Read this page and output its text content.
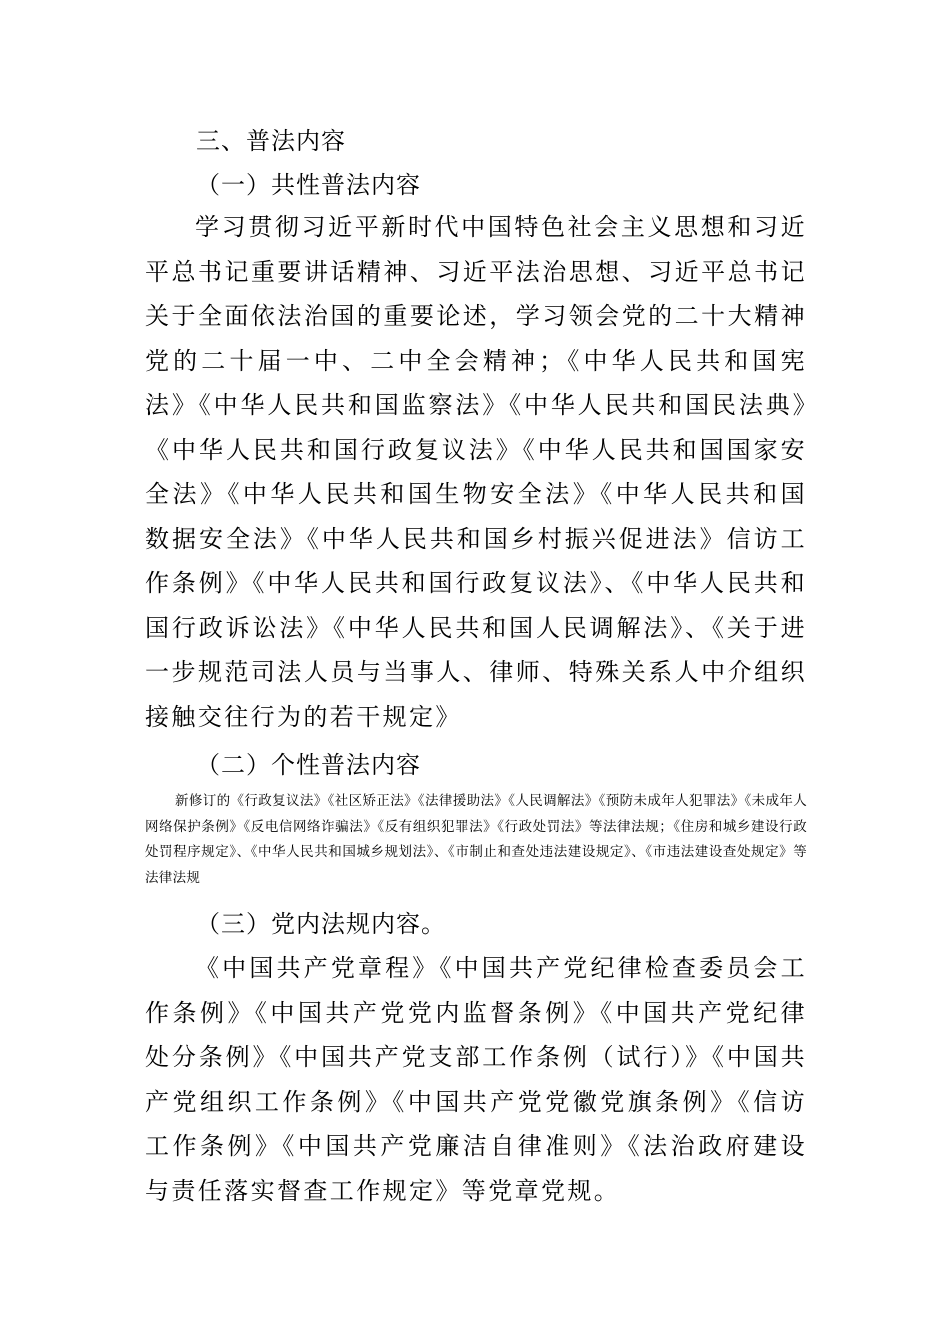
三、普法内容
（一）共性普法内容

学习贯彻习近平新时代中国特色社会主义思想和习近平总书记重要讲话精神、习近平法治思想、习近平总书记关于全面依法治国的重要论述，学习领会党的二十大精神党的二十届一中、二中全会精神；《中华人民共和国宪法》《中华人民共和国监察法》《中华人民共和国民法典》《中华人民共和国行政复议法》《中华人民共和国国家安全法》《中华人民共和国生物安全法》《中华人民共和国数据安全法》《中华人民共和国乡村振兴促进法》信访工作条例》《中华人民共和国行政复议法》、《中华人民共和国行政诉讼法》《中华人民共和国人民调解法》、《关于进一步规范司法人员与当事人、律师、特殊关系人中介组织接触交往行为的若干规定》

（二）个性普法内容

新修订的《行政复议法》《社区矫正法》《法律援助法》《人民调解法》《预防未成年人犯罪法》《未成年人网络保护条例》《反电信网络诈骗法》《反有组织犯罪法》《行政处罚法》等法律法规；《住房和城乡建设行政处罚程序规定》、《中华人民共和国城乡规划法》、《市制止和查处违法建设规定》、《市违法建设查处规定》等法律法规

（三）党内法规内容。

《中国共产党章程》《中国共产党纪律检查委员会工作条例》《中国共产党党内监督条例》《中国共产党纪律处分条例》《中国共产党支部工作条例（试行）》《中国共产党组织工作条例》《中国共产党党徽党旗条例》《信访工作条例》《中国共产党廉洁自律准则》《法治政府建设与责任落实督查工作规定》等党章党规。
